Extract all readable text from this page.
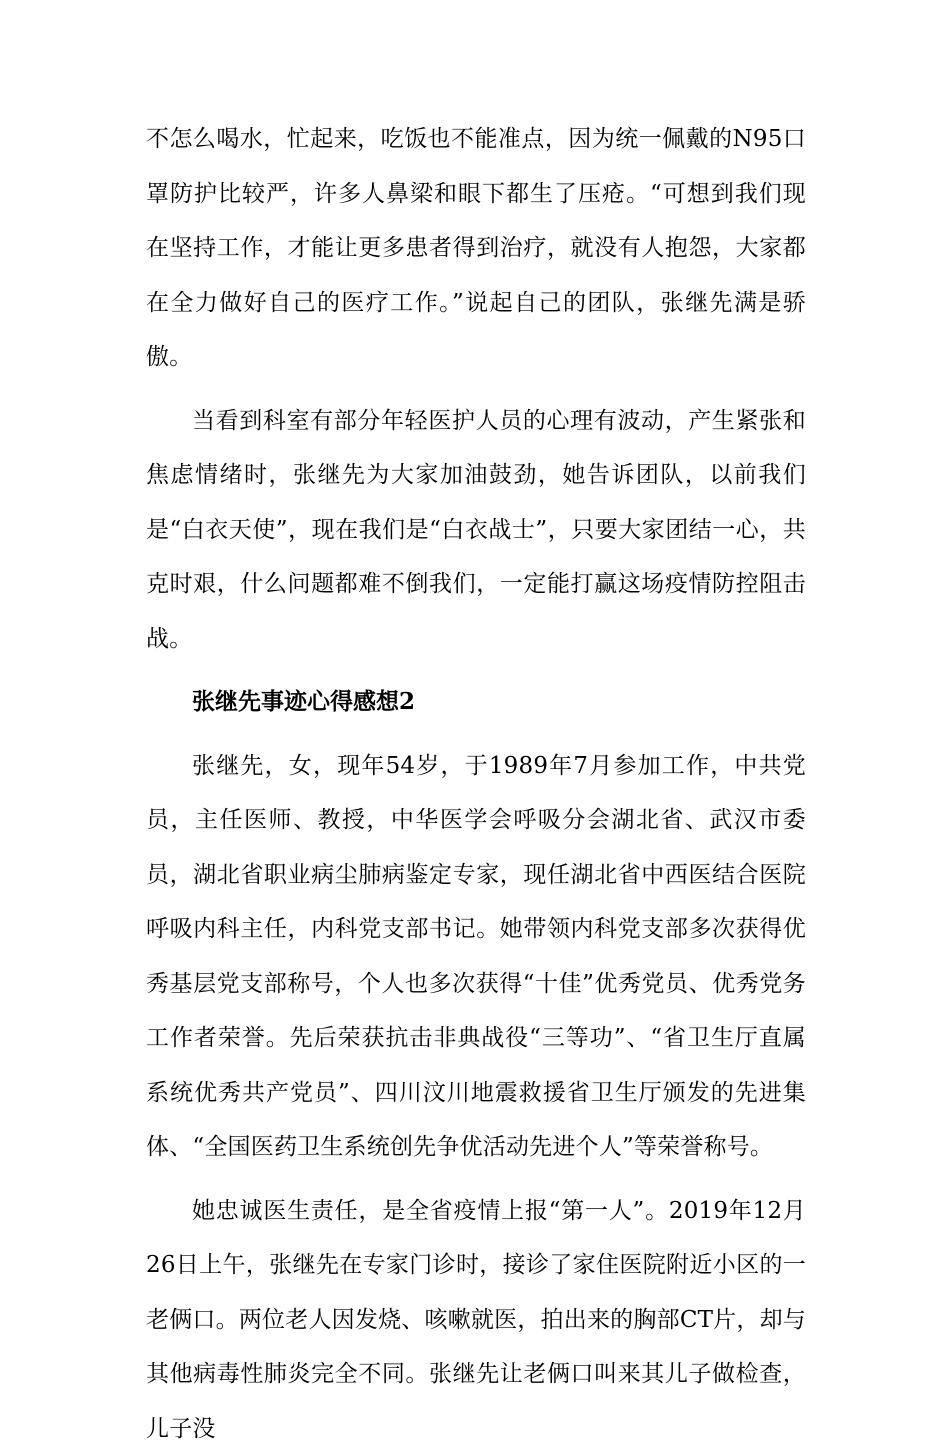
不怎么喝水，忙起来，吃饭也不能准点，因为统一佩戴的N95口罩防护比较严，许多人鼻梁和眼下都生了压疮。“可想到我们现在坚持工作，才能让更多患者得到治疗，就没有人抱怨，大家都在全力做好自己的医疗工作。”说起自己的团队，张继先满是骄傲。

当看到科室有部分年轻医护人员的心理有波动，产生紧张和焦虑情绪时，张继先为大家加油鼓劲，她告诉团队，以前我们是“白衣天使”，现在我们是“白衣战士”，只要大家团结一心，共克时艰，什么问题都难不倒我们，一定能打赢这场疫情防控阻击战。

张继先事迹心得感想2

张继先，女，现年54岁，于1989年7月参加工作，中共党员，主任医师、教授，中华医学会呼吸分会湖北省、武汉市委员，湖北省职业病尘肺病鉴定专家，现任湖北省中西医结合医院呼吸内科主任，内科党支部书记。她带领内科党支部多次获得优秀基层党支部称号，个人也多次获得“十佳”优秀党员、优秀党务工作者荣誉。先后荣获抗击非典战役“三等功”、“省卫生厅直属系统优秀共产党员”、四川汶川地震救援省卫生厅颁发的先进集体、“全国医药卫生系统创先争优活动先进个人”等荣誉称号。

她忠诚医生责任，是全省疫情上报“第一人”。2019年12月26日上午，张继先在专家门诊时，接诊了家住医院附近小区的一老俩口。两位老人因发烧、咳嗽就医，拍出来的胸部CT片，却与其他病毒性肺炎完全不同。张继先让老俩口叫来其儿子做检查，儿子没
